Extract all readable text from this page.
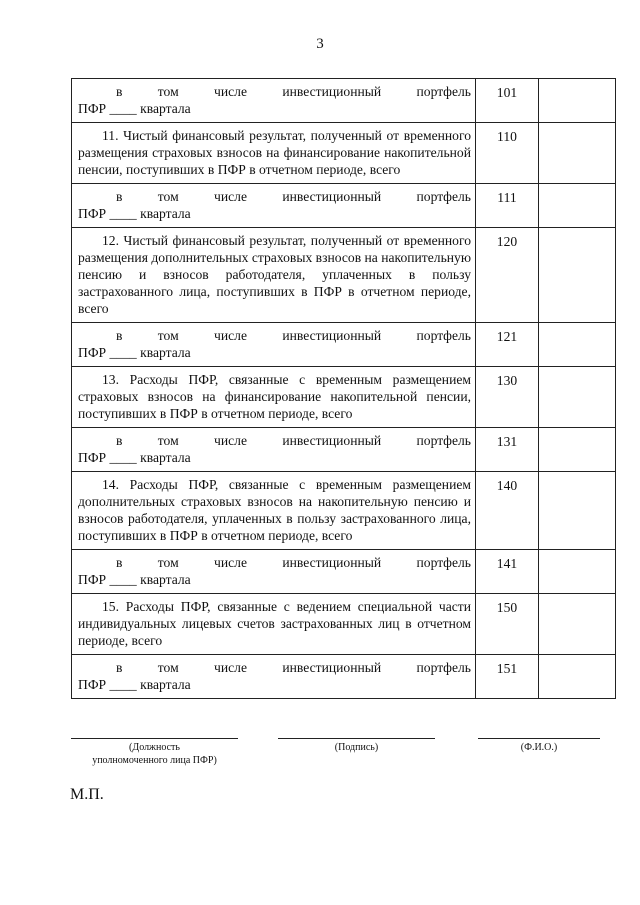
3
в том числе инвестиционный портфель
ПФР ____ квартала	101	

11. Чистый финансовый результат, полученный от временного размещения страховых взносов на финансирование накопительной пенсии, поступивших в ПФР в отчетном периоде, всего	110	

в том числе инвестиционный портфель
ПФР ____ квартала	111	

12. Чистый финансовый результат, полученный от временного размещения дополнительных страховых взносов на накопительную пенсию и взносов работодателя, уплаченных в пользу застрахованного лица, поступивших в ПФР в отчетном периоде, всего	120	

в том числе инвестиционный портфель
ПФР ____ квартала	121	

13. Расходы ПФР, связанные с временным размещением страховых взносов на финансирование накопительной пенсии, поступивших в ПФР в отчетном периоде, всего	130	

в том числе инвестиционный портфель
ПФР ____ квартала	131	

14. Расходы ПФР, связанные с временным размещением дополнительных страховых взносов на накопительную пенсию и взносов работодателя, уплаченных в пользу застрахованного лица, поступивших в ПФР в отчетном периоде, всего	140	

в том числе инвестиционный портфель
ПФР ____ квартала	141	

15. Расходы ПФР, связанные с ведением специальной части индивидуальных лицевых счетов застрахованных лиц в отчетном периоде, всего	150	

в том числе инвестиционный портфель
ПФР ____ квартала	151	
(Должность
уполномоченного лица ПФР)
(Подпись)	(Ф.И.О.)
М.П.
